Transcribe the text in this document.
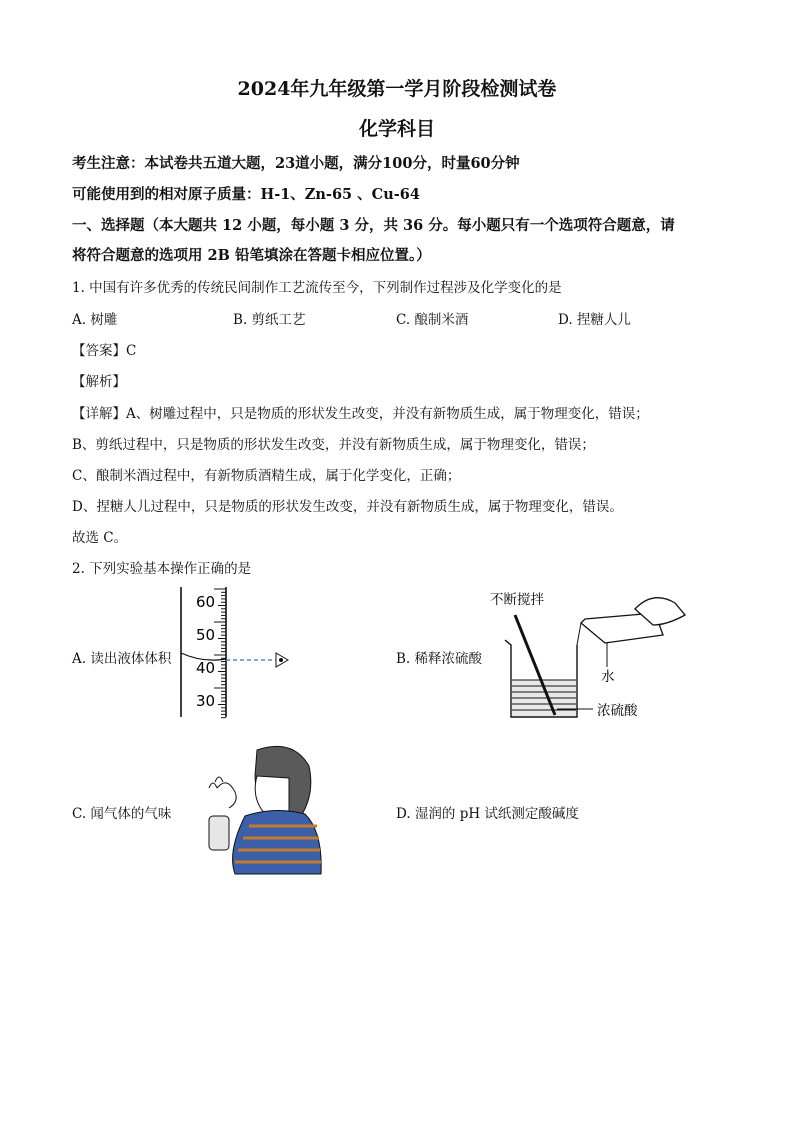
2024年九年级第一学月阶段检测试卷
化学科目
考生注意：本试卷共五道大题，23道小题，满分100分，时量60分钟
可能使用到的相对原子质量：H-1、Zn-65 、Cu-64
一、选择题（本大题共 12 小题，每小题 3 分，共 36 分。每小题只有一个选项符合题意，请
将符合题意的选项用 2B 铅笔填涂在答题卡相应位置。）
1. 中国有许多优秀的传统民间制作工艺流传至今，下列制作过程涉及化学变化的是
A. 树雕	B. 剪纸工艺	C. 酿制米酒	D. 捏糖人儿
【答案】C
【解析】
【详解】A、树雕过程中，只是物质的形状发生改变，并没有新物质生成，属于物理变化，错误；
B、剪纸过程中，只是物质的形状发生改变，并没有新物质生成，属于物理变化，错误；
C、酿制米酒过程中，有新物质酒精生成，属于化学变化，正确；
D、捏糖人儿过程中，只是物质的形状发生改变，并没有新物质生成，属于物理变化，错误。
故选 C。
2. 下列实验基本操作正确的是
A. 读出液体体积
60
50
40
30
B. 稀释浓硫酸
不断搅拌
浓硫酸
水
C. 闻气体的气味	D. 湿润的 pH 试纸测定酸碱度
